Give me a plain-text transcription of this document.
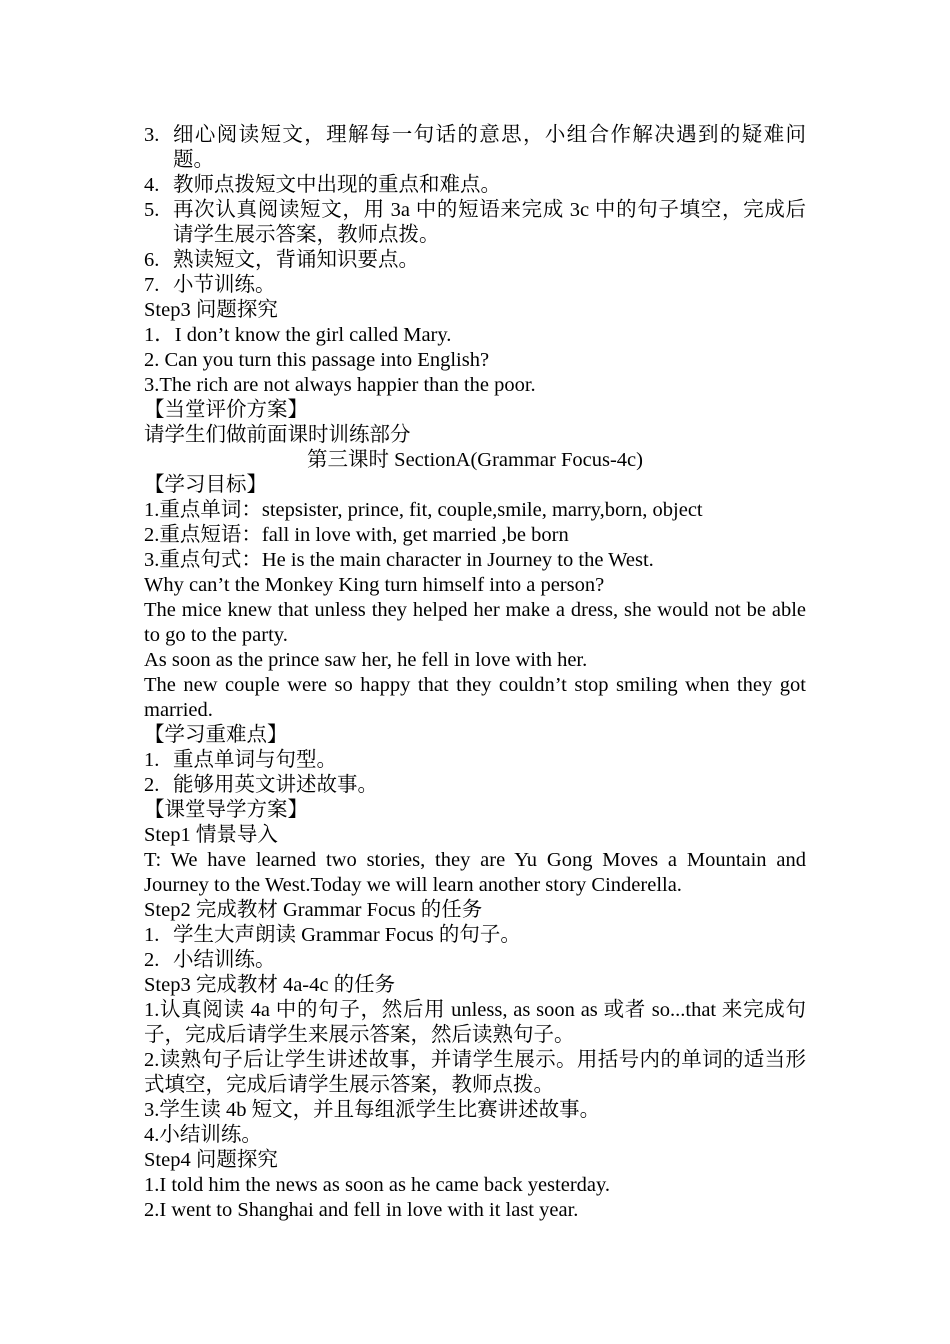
3. 细心阅读短文，理解每一句话的意思，小组合作解决遇到的疑难问题。
4. 教师点拨短文中出现的重点和难点。
5. 再次认真阅读短文，用 3a 中的短语来完成 3c 中的句子填空，完成后请学生展示答案，教师点拨。
6. 熟读短文，背诵知识要点。
7. 小节训练。
Step3 问题探究
1．I don’t know the girl called Mary.
2. Can you turn this passage into English?
3.The rich are not always happier than the poor.
【当堂评价方案】
请学生们做前面课时训练部分
第三课时 SectionA(Grammar Focus-4c)
【学习目标】
1.重点单词：stepsister, prince, fit, couple,smile, marry,born, object
2.重点短语：fall in love with, get married ,be born
3.重点句式：He is the main character in Journey to the West.
Why can’t the Monkey King turn himself into a person?
The mice knew that unless they helped her make a dress, she would not be able to go to the party.
As soon as the prince saw her, he fell in love with her.
The new couple were so happy that they couldn’t stop smiling when they got married.
【学习重难点】
1. 重点单词与句型。
2. 能够用英文讲述故事。
【课堂导学方案】
Step1 情景导入
T: We have learned two stories, they are Yu Gong Moves a Mountain and Journey to the West.Today we will learn another story Cinderella.
Step2 完成教材 Grammar Focus 的任务
1. 学生大声朗读 Grammar Focus 的句子。
2. 小结训练。
Step3 完成教材 4a-4c 的任务
1.认真阅读 4a 中的句子，然后用 unless, as soon as 或者 so...that 来完成句子，完成后请学生来展示答案，然后读熟句子。
2.读熟句子后让学生讲述故事，并请学生展示。用括号内的单词的适当形式填空，完成后请学生展示答案，教师点拨。
3.学生读 4b 短文，并且每组派学生比赛讲述故事。
4.小结训练。
Step4 问题探究
1.I told him the news as soon as he came back yesterday.
2.I went to Shanghai and fell in love with it last year.
